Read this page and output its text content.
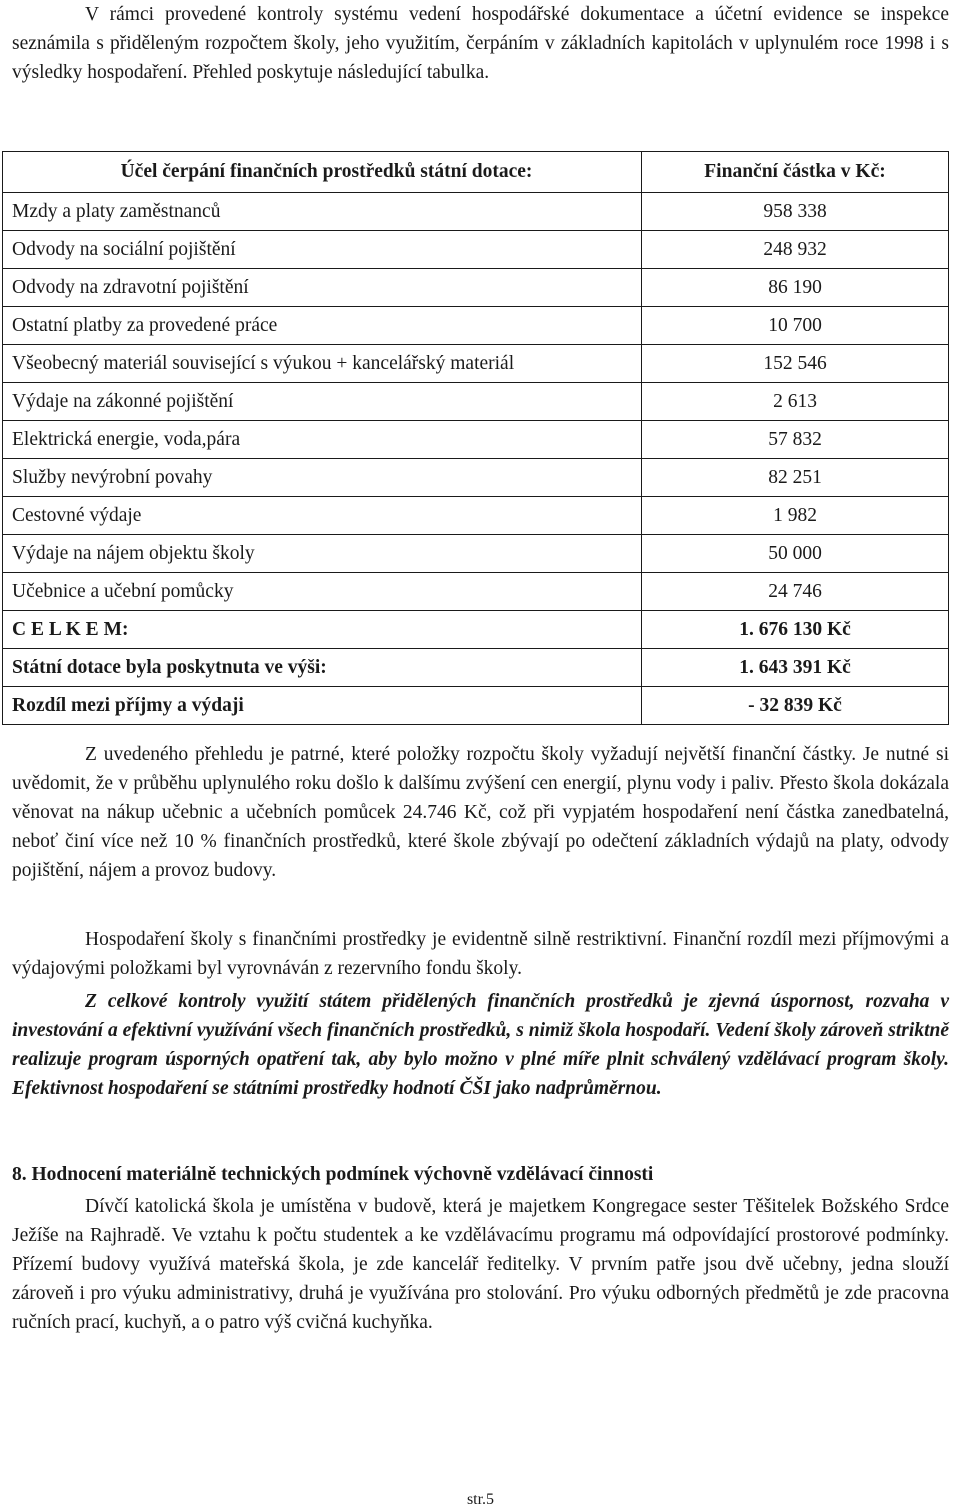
V rámci provedené kontroly systému vedení hospodářské dokumentace a účetní evidence se inspekce seznámila s přiděleným rozpočtem školy, jeho využitím, čerpáním v základních kapitolách v uplynulém roce 1998 i s výsledky hospodaření. Přehled poskytuje následující tabulka.

Účel čerpání finančních prostředků státní dotace:	Finanční částka v Kč:
Mzdy a platy zaměstnanců	958 338
Odvody na sociální pojištění	248 932
Odvody na zdravotní pojištění	86 190
Ostatní platby za provedené práce	10 700
Všeobecný materiál související s výukou + kancelářský materiál	152 546
Výdaje na zákonné pojištění	2 613
Elektrická energie, voda,pára	57 832
Služby nevýrobní povahy	82 251
Cestovné výdaje	1 982
Výdaje na nájem objektu školy	50 000
Učebnice a učební pomůcky	24 746
C E L K E M:	1. 676 130 Kč
Státní dotace byla poskytnuta ve výši:	1. 643 391 Kč
Rozdíl mezi příjmy a výdaji	- 32 839 Kč

Z uvedeného přehledu je patrné, které položky rozpočtu školy vyžadují největší finanční částky. Je nutné si uvědomit, že v průběhu uplynulého roku došlo k dalšímu zvýšení cen energií, plynu vody i paliv. Přesto škola dokázala věnovat na nákup učebnic a učebních pomůcek 24.746 Kč, což při vypjatém hospodaření není částka zanedbatelná, neboť činí více než 10 % finančních prostředků, které škole zbývají po odečtení základních výdajů na platy, odvody pojištění, nájem a provoz budovy.

Hospodaření školy s finančními prostředky je evidentně silně restriktivní. Finanční rozdíl mezi příjmovými a výdajovými položkami byl vyrovnáván z rezervního fondu školy.

Z celkové kontroly využití státem přidělených finančních prostředků je zjevná úspornost, rozvaha v investování a efektivní využívání všech finančních prostředků, s nimiž škola hospodaří. Vedení školy zároveň striktně realizuje program úsporných opatření tak, aby bylo možno v plné míře plnit schválený vzdělávací program školy. Efektivnost hospodaření se státními prostředky hodnotí ČŠI jako nadprůměrnou.

8. Hodnocení materiálně technických podmínek výchovně vzdělávací činnosti

Dívčí katolická škola je umístěna v budově, která je majetkem Kongregace sester Těšitelek Božského Srdce Ježíše na Rajhradě. Ve vztahu k počtu studentek a ke vzdělávacímu programu má odpovídající prostorové podmínky. Přízemí budovy využívá mateřská škola, je zde kancelář ředitelky. V prvním patře jsou dvě učebny, jedna slouží zároveň i pro výuku administrativy, druhá je využívána pro stolování. Pro výuku odborných předmětů je zde pracovna ručních prací, kuchyň, a o patro výš cvičná kuchyňka.

str.5
